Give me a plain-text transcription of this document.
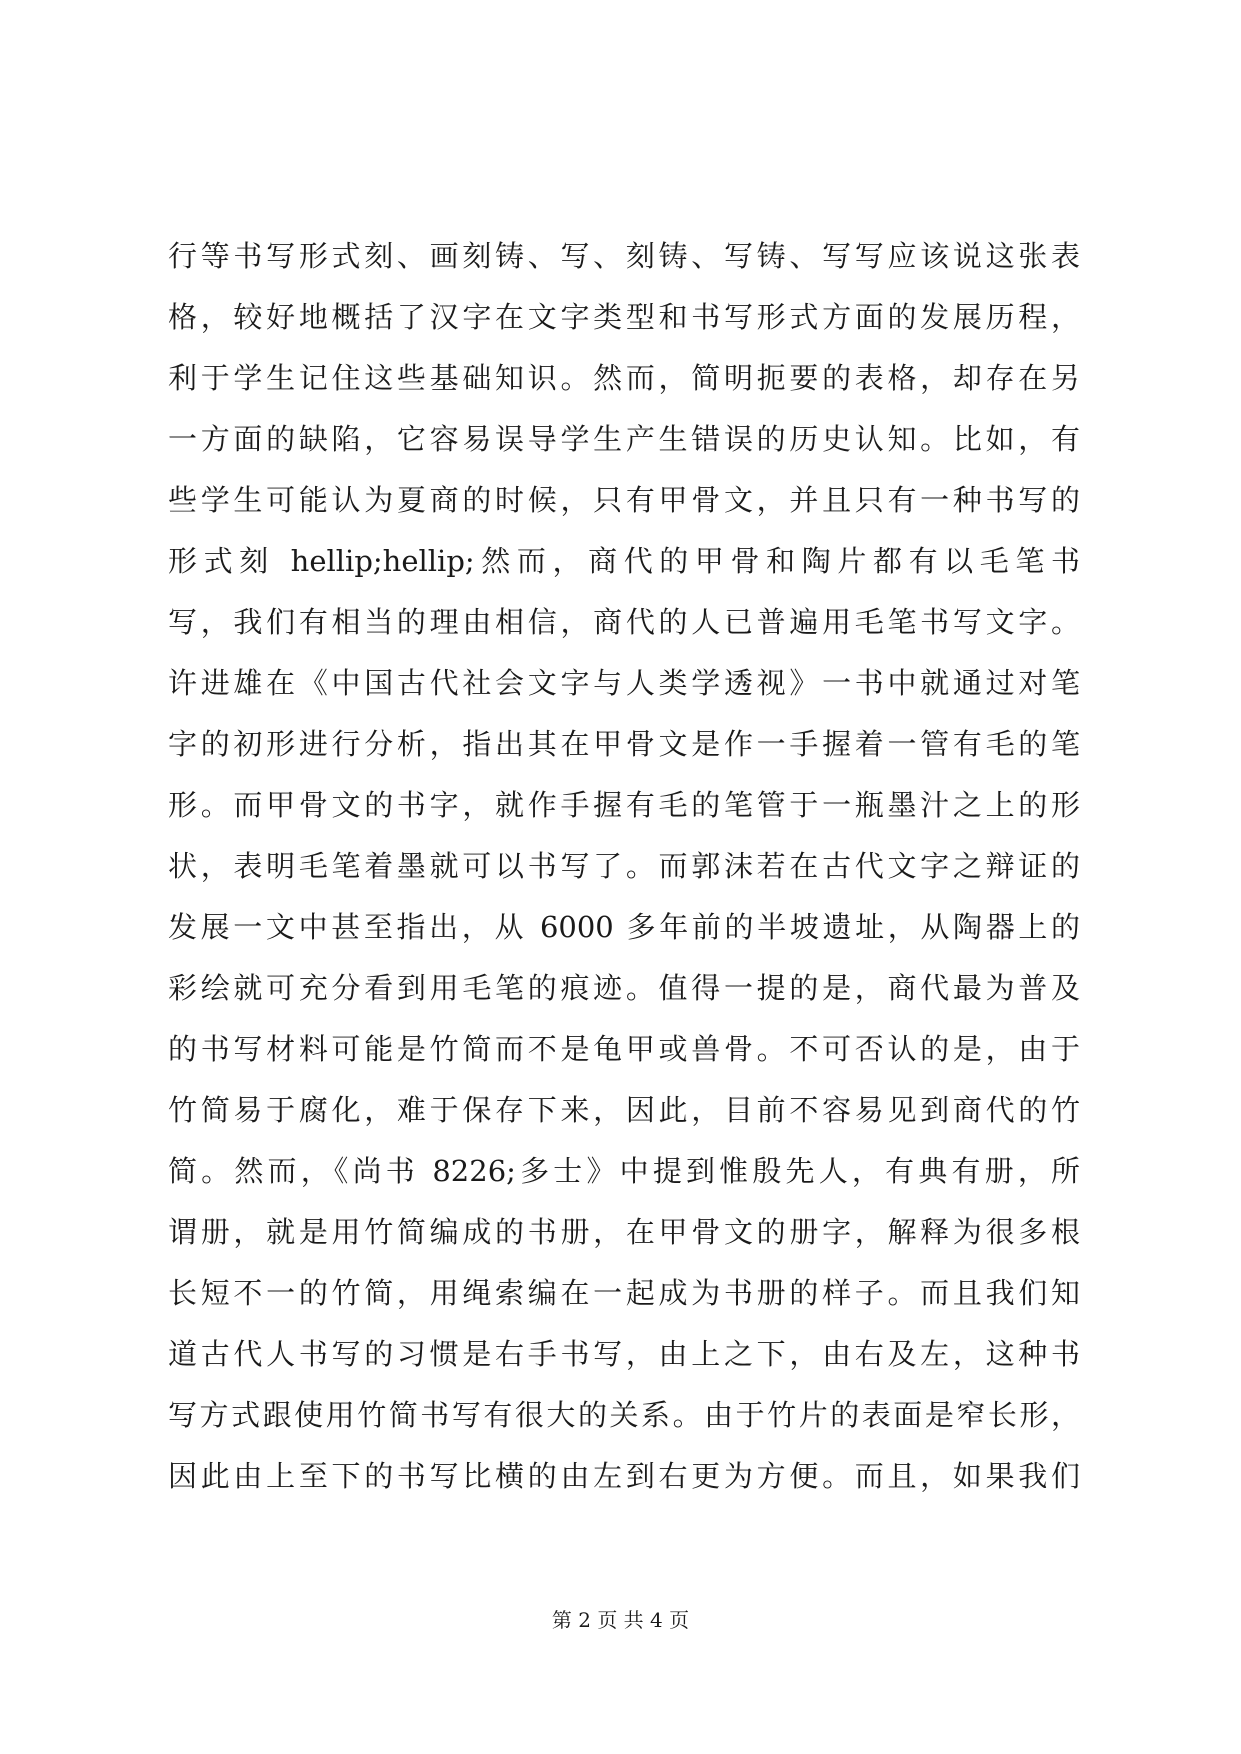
行等书写形式刻、画刻铸、写、刻铸、写铸、写写应该说这张表
格，较好地概括了汉字在文字类型和书写形式方面的发展历程，
利于学生记住这些基础知识。然而，简明扼要的表格，却存在另
一方面的缺陷，它容易误导学生产生错误的历史认知。比如，有
些学生可能认为夏商的时候，只有甲骨文，并且只有一种书写的
形式刻 hellip;hellip;然而，商代的甲骨和陶片都有以毛笔书
写，我们有相当的理由相信，商代的人已普遍用毛笔书写文字。
许进雄在《中国古代社会文字与人类学透视》一书中就通过对笔
字的初形进行分析，指出其在甲骨文是作一手握着一管有毛的笔
形。而甲骨文的书字，就作手握有毛的笔管于一瓶墨汁之上的形
状，表明毛笔着墨就可以书写了。而郭沫若在古代文字之辩证的
发展一文中甚至指出，从 6000 多年前的半坡遗址，从陶器上的
彩绘就可充分看到用毛笔的痕迹。值得一提的是，商代最为普及
的书写材料可能是竹简而不是龟甲或兽骨。不可否认的是，由于
竹简易于腐化，难于保存下来，因此，目前不容易见到商代的竹
简。然而，《尚书 8226;多士》中提到惟殷先人，有典有册，所
谓册，就是用竹简编成的书册，在甲骨文的册字，解释为很多根
长短不一的竹简，用绳索编在一起成为书册的样子。而且我们知
道古代人书写的习惯是右手书写，由上之下，由右及左，这种书
写方式跟使用竹简书写有很大的关系。由于竹片的表面是窄长形，
因此由上至下的书写比横的由左到右更为方便。而且，如果我们
第 2 页 共 4 页
